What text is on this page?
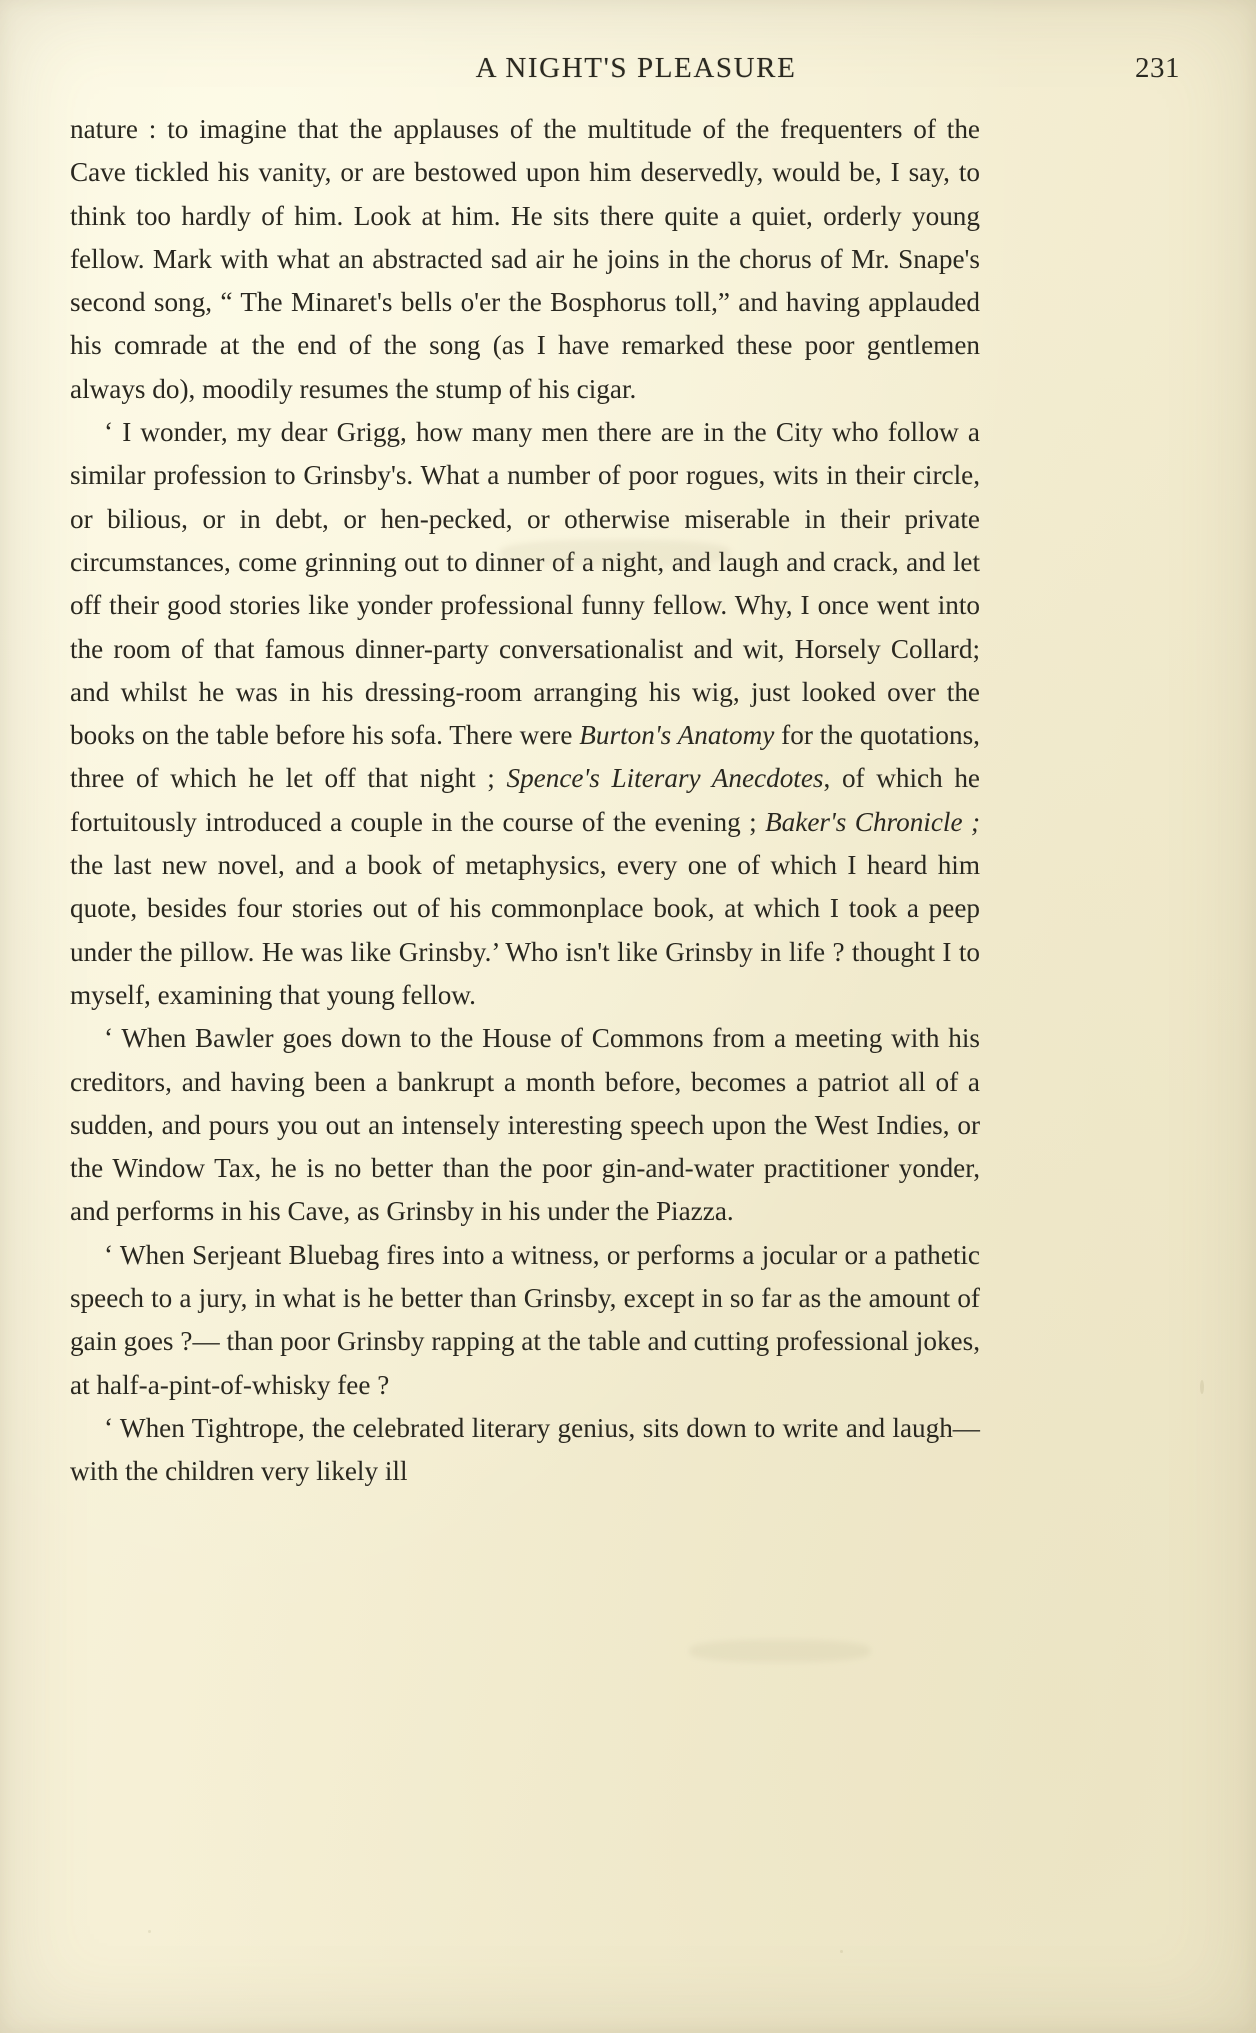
A NIGHT'S PLEASURE	231

nature : to imagine that the applauses of the multitude of the frequenters of the Cave tickled his vanity, or are bestowed upon him deservedly, would be, I say, to think too hardly of him. Look at him. He sits there quite a quiet, orderly young fellow. Mark with what an abstracted sad air he joins in the chorus of Mr. Snape's second song, “ The Minaret's bells o'er the Bosphorus toll,” and having applauded his comrade at the end of the song (as I have remarked these poor gentlemen always do), moodily resumes the stump of his cigar.

‘ I wonder, my dear Grigg, how many men there are in the City who follow a similar profession to Grinsby's. What a number of poor rogues, wits in their circle, or bilious, or in debt, or hen-pecked, or otherwise miserable in their private circumstances, come grinning out to dinner of a night, and laugh and crack, and let off their good stories like yonder professional funny fellow. Why, I once went into the room of that famous dinner-party conversationalist and wit, Horsely Collard; and whilst he was in his dressing-room arranging his wig, just looked over the books on the table before his sofa. There were Burton's Anatomy for the quotations, three of which he let off that night ; Spence's Literary Anecdotes, of which he fortuitously introduced a couple in the course of the evening ; Baker's Chronicle ; the last new novel, and a book of metaphysics, every one of which I heard him quote, besides four stories out of his commonplace book, at which I took a peep under the pillow. He was like Grinsby.’ Who isn't like Grinsby in life ? thought I to myself, examining that young fellow.

‘ When Bawler goes down to the House of Commons from a meeting with his creditors, and having been a bankrupt a month before, becomes a patriot all of a sudden, and pours you out an intensely interesting speech upon the West Indies, or the Window Tax, he is no better than the poor gin-and-water practitioner yonder, and performs in his Cave, as Grinsby in his under the Piazza.

‘ When Serjeant Bluebag fires into a witness, or performs a jocular or a pathetic speech to a jury, in what is he better than Grinsby, except in so far as the amount of gain goes ?— than poor Grinsby rapping at the table and cutting professional jokes, at half-a-pint-of-whisky fee ?

‘ When Tightrope, the celebrated literary genius, sits down to write and laugh—with the children very likely ill
